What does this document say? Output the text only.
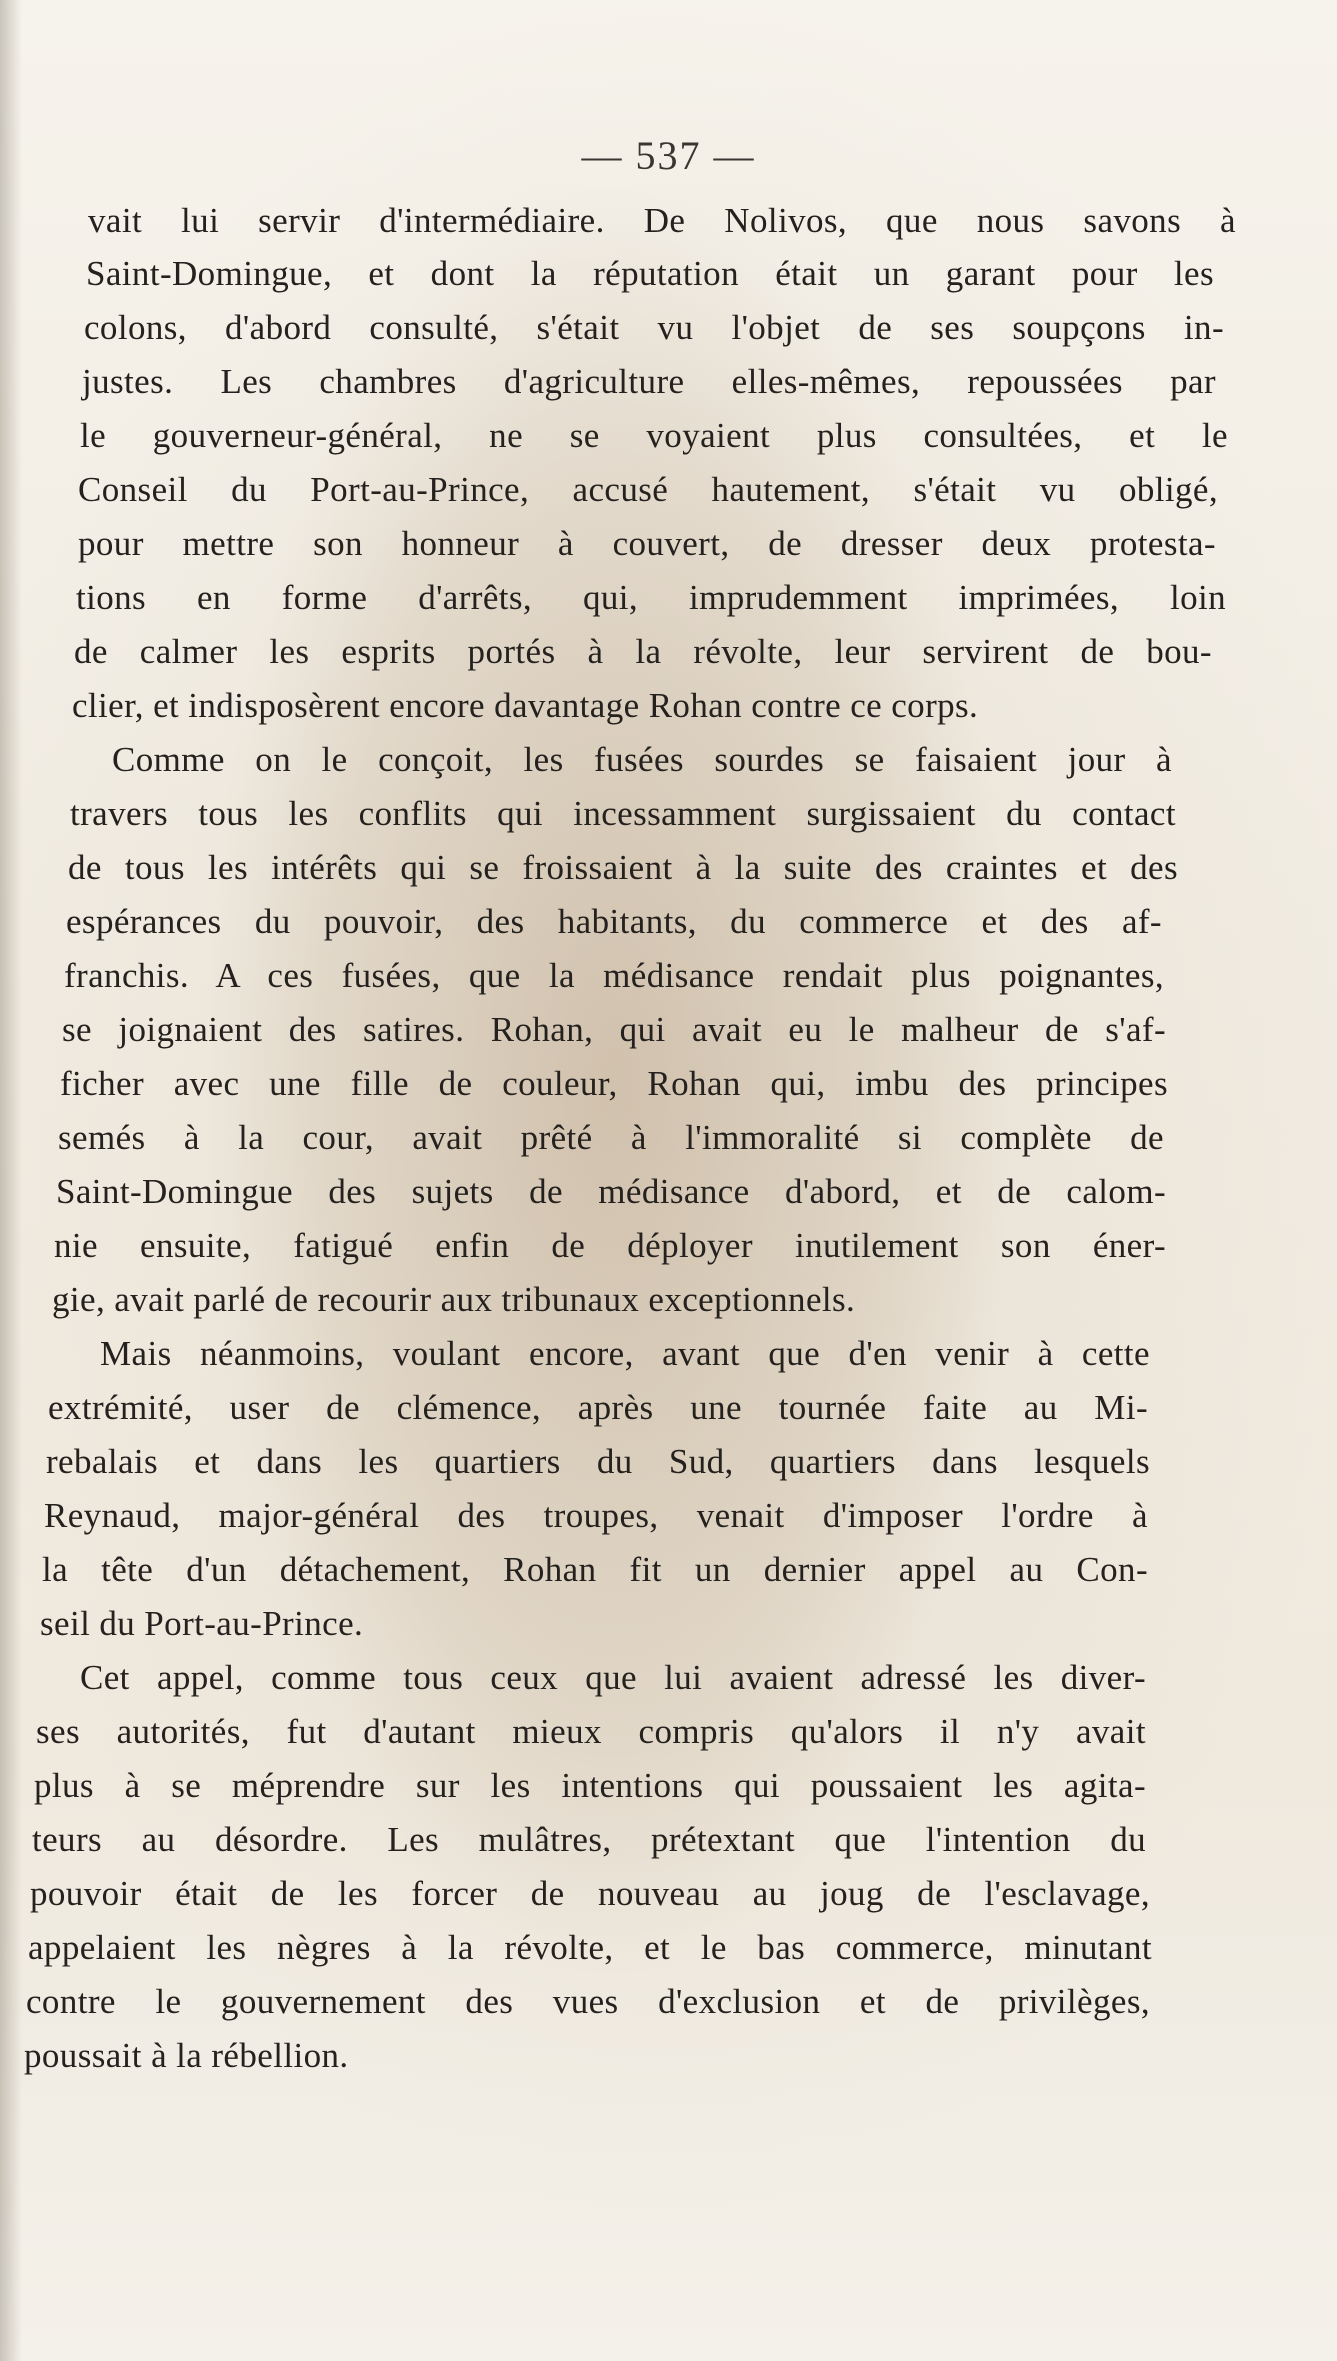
— 537 —

vait lui servir d'intermédiaire. De Nolivos, que nous savons à

Saint-Domingue, et dont la réputation était un garant pour les

colons, d'abord consulté, s'était vu l'objet de ses soupçons in-

justes. Les chambres d'agriculture elles-mêmes, repoussées par

le gouverneur-général, ne se voyaient plus consultées, et le

Conseil du Port-au-Prince, accusé hautement, s'était vu obligé,

pour mettre son honneur à couvert, de dresser deux protesta-

tions en forme d'arrêts, qui, imprudemment imprimées, loin

de calmer les esprits portés à la révolte, leur servirent de bou-

clier, et indisposèrent encore davantage Rohan contre ce corps.

Comme on le conçoit, les fusées sourdes se faisaient jour à

travers tous les conflits qui incessamment surgissaient du contact

de tous les intérêts qui se froissaient à la suite des craintes et des

espérances du pouvoir, des habitants, du commerce et des af-

franchis. A ces fusées, que la médisance rendait plus poignantes,

se joignaient des satires. Rohan, qui avait eu le malheur de s'af-

ficher avec une fille de couleur, Rohan qui, imbu des principes

semés à la cour, avait prêté à l'immoralité si complète de

Saint-Domingue des sujets de médisance d'abord, et de calom-

nie ensuite, fatigué enfin de déployer inutilement son éner-

gie, avait parlé de recourir aux tribunaux exceptionnels.

Mais néanmoins, voulant encore, avant que d'en venir à cette

extrémité, user de clémence, après une tournée faite au Mi-

rebalais et dans les quartiers du Sud, quartiers dans lesquels

Reynaud, major-général des troupes, venait d'imposer l'ordre à

la tête d'un détachement, Rohan fit un dernier appel au Con-

seil du Port-au-Prince.

Cet appel, comme tous ceux que lui avaient adressé les diver-

ses autorités, fut d'autant mieux compris qu'alors il n'y avait

plus à se méprendre sur les intentions qui poussaient les agita-

teurs au désordre. Les mulâtres, prétextant que l'intention du

pouvoir était de les forcer de nouveau au joug de l'esclavage,

appelaient les nègres à la révolte, et le bas commerce, minutant

contre le gouvernement des vues d'exclusion et de privilèges,

poussait à la rébellion.
